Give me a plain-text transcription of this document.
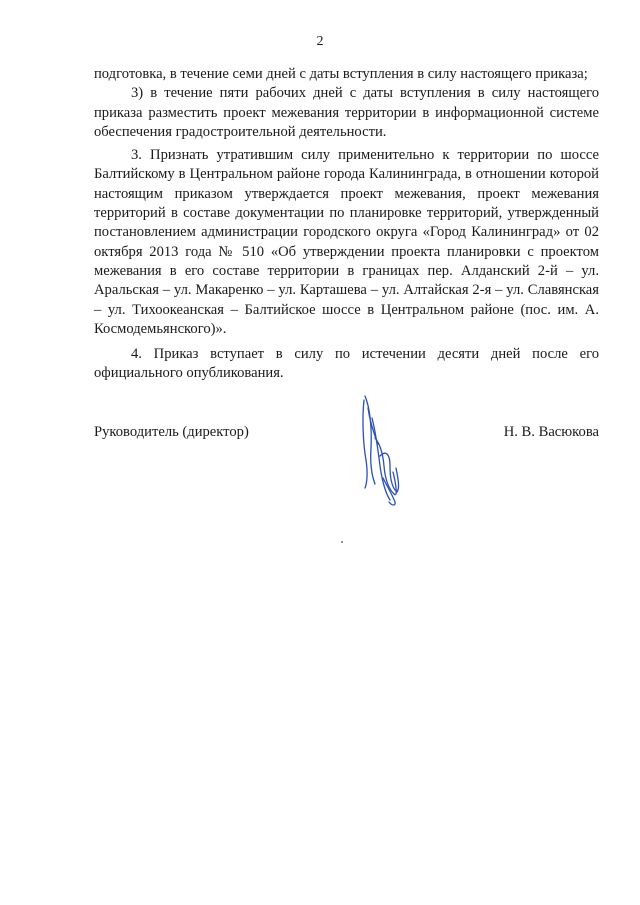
2

подготовка, в течение семи дней с даты вступления в силу настоящего приказа;

3) в течение пяти рабочих дней с даты вступления в силу настоящего приказа разместить проект межевания территории в информационной системе обеспечения градостроительной деятельности.

3. Признать утратившим силу применительно к территории по шоссе Балтийскому в Центральном районе города Калининграда, в отношении которой настоящим приказом утверждается проект межевания, проект межевания территорий в составе документации по планировке территорий, утвержденный постановлением администрации городского округа «Город Калининград» от 02 октября 2013 года № 510 «Об утверждении проекта планировки с проектом межевания в его составе территории в границах пер. Алданский 2-й – ул. Аральская – ул. Макаренко – ул. Карташева – ул. Алтайская 2-я – ул. Славянская – ул. Тихоокеанская – Балтийское шоссе в Центральном районе (пос. им. А. Космодемьянского)».

4. Приказ вступает в силу по истечении десяти дней после его официального опубликования.

Руководитель (директор)	Н. В. Васюкова
